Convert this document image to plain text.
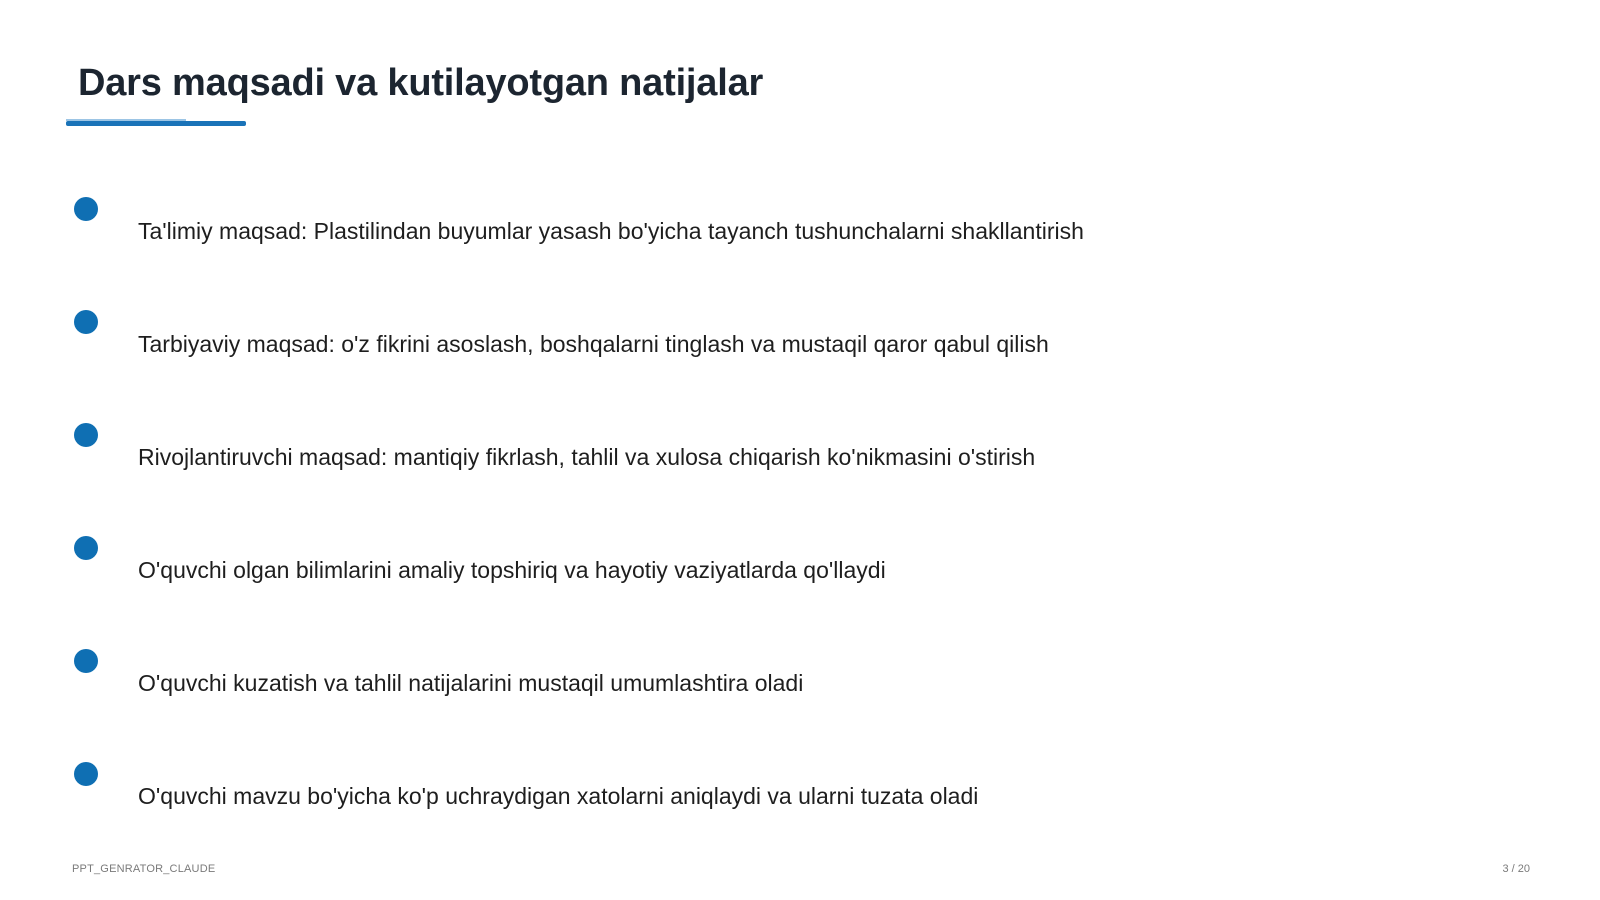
Dars maqsadi va kutilayotgan natijalar
Ta'limiy maqsad: Plastilindan buyumlar yasash bo'yicha tayanch tushunchalarni shakllantirish
Tarbiyaviy maqsad: o'z fikrini asoslash, boshqalarni tinglash va mustaqil qaror qabul qilish
Rivojlantiruvchi maqsad: mantiqiy fikrlash, tahlil va xulosa chiqarish ko'nikmasini o'stirish
O'quvchi olgan bilimlarini amaliy topshiriq va hayotiy vaziyatlarda qo'llaydi
O'quvchi kuzatish va tahlil natijalarini mustaqil umumlashtira oladi
O'quvchi mavzu bo'yicha ko'p uchraydigan xatolarni aniqlaydi va ularni tuzata oladi
PPT_GENRATOR_CLAUDE	3 / 20
